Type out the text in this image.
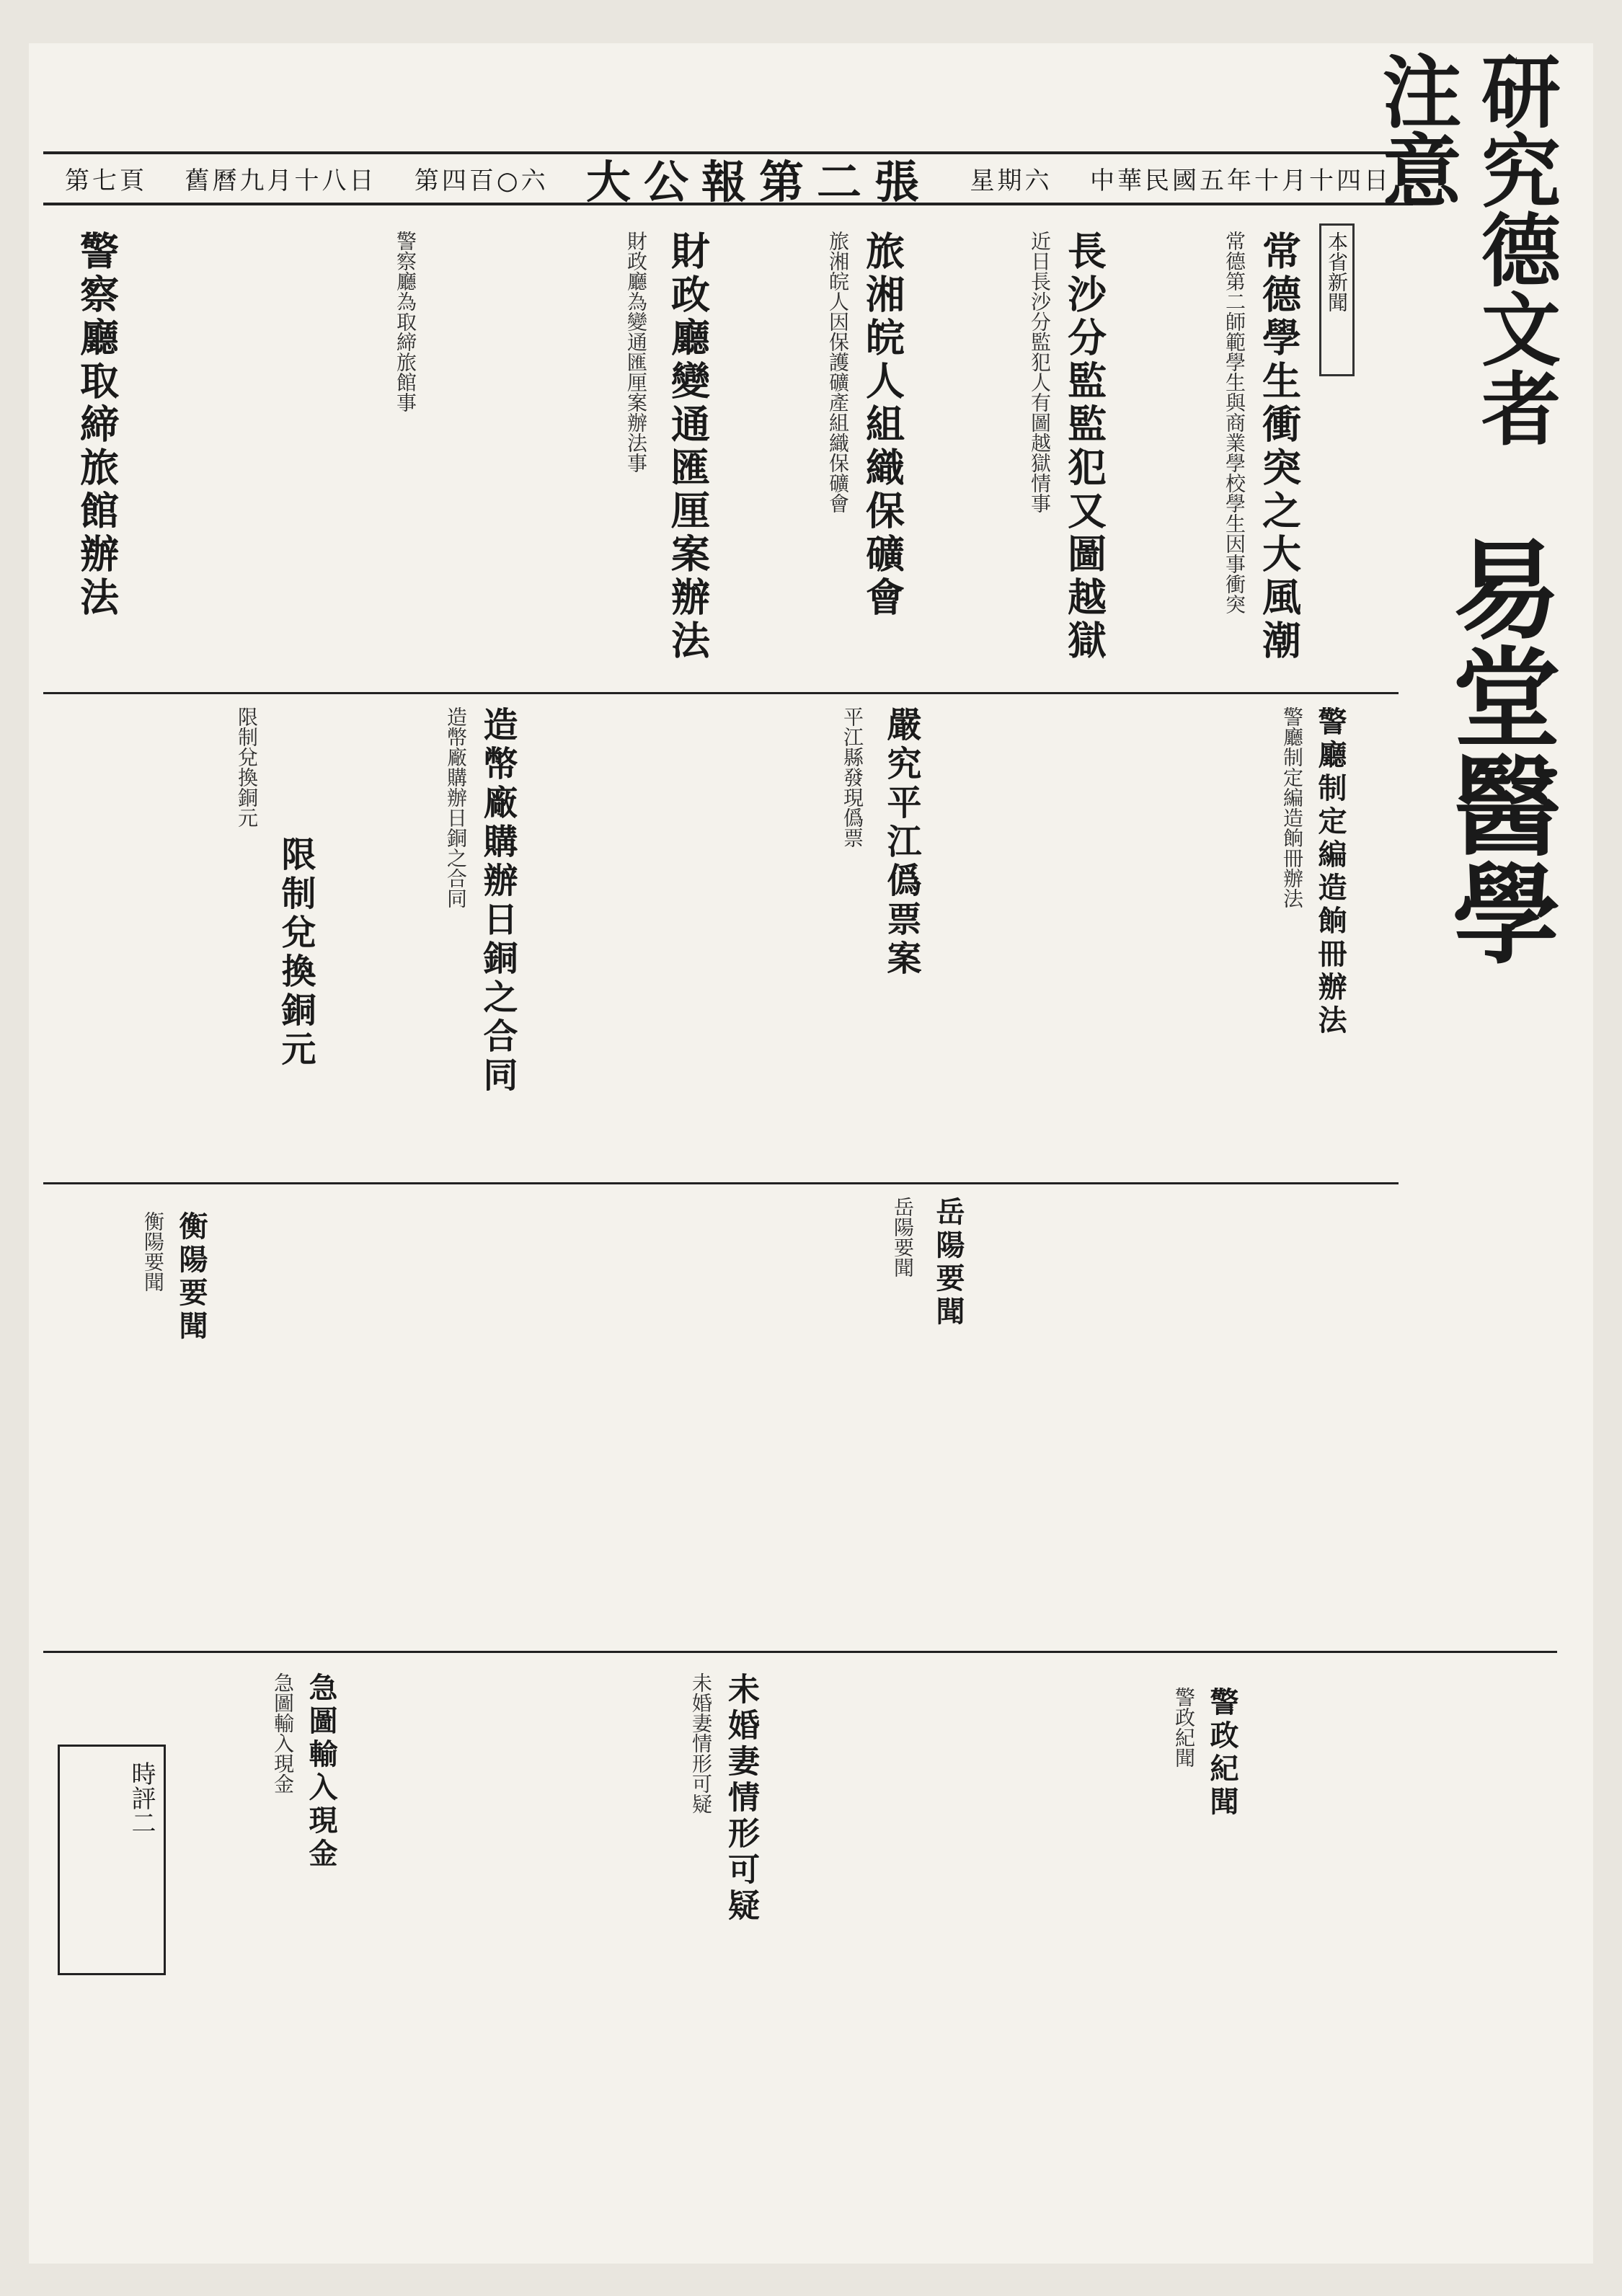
第七頁 舊曆九月十八日 第四百○六 大公報第二張 星期六 中華民國五年十月十四日 研究德文者注意
本省新聞
常德學生衝突之大風潮
常德第二師範學生與商業學校學生因事衝突
長沙分監監犯又圖越獄
近日長沙分監犯人有圖越獄情事
旅湘皖人組織保礦會
旅湘皖人因保護礦產組織保礦會
財政廳變通匯厘案辦法
財政廳為變通匯厘案辦法事
警察廳取締旅館辦法	警察廳為取締旅館事
易堂醫學
警廳制定編造餉冊辦法
警廳制定編造餉冊辦法
嚴究平江僞票案
平江縣發現僞票
造幣廠購辦日銅之合同
造幣廠購辦日銅之合同
限制兌換銅元
限制兌換銅元
岳陽要聞
岳陽要聞
衡陽要聞
衡陽要聞
警政紀聞
警政紀聞
未婚妻情形可疑
未婚妻情形可疑
急圖輸入現金
急圖輸入現金
時評二
